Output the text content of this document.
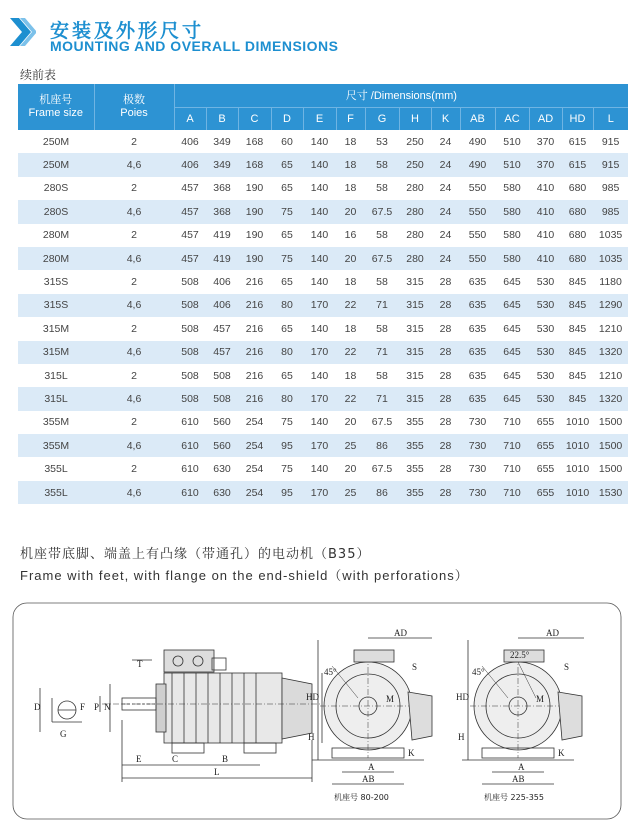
安装及外形尺寸
MOUNTING AND OVERALL DIMENSIONS
续前表
机座号
Frame size	极数
Poies	尺寸 /Dimensions(mm)													
		A	B	C	D	E	F	G	H	K	AB	AC	AD	HD	L
250M	2	406	349	168	60	140	18	53	250	24	490	510	370	615	915
250M	4,6	406	349	168	65	140	18	58	250	24	490	510	370	615	915
280S	2	457	368	190	65	140	18	58	280	24	550	580	410	680	985
280S	4,6	457	368	190	75	140	20	67.5	280	24	550	580	410	680	985
280M	2	457	419	190	65	140	16	58	280	24	550	580	410	680	1035
280M	4,6	457	419	190	75	140	20	67.5	280	24	550	580	410	680	1035
315S	2	508	406	216	65	140	18	58	315	28	635	645	530	845	1180
315S	4,6	508	406	216	80	170	22	71	315	28	635	645	530	845	1290
315M	2	508	457	216	65	140	18	58	315	28	635	645	530	845	1210
315M	4,6	508	457	216	80	170	22	71	315	28	635	645	530	845	1320
315L	2	508	508	216	65	140	18	58	315	28	635	645	530	845	1210
315L	4,6	508	508	216	80	170	22	71	315	28	635	645	530	845	1320
355M	2	610	560	254	75	140	20	67.5	355	28	730	710	655	1010	1500
355M	4,6	610	560	254	95	170	25	86	355	28	730	710	655	1010	1500
355L	2	610	630	254	75	140	20	67.5	355	28	730	710	655	1010	1500
355L	4,6	610	630	254	95	170	25	86	355	28	730	710	655	1010	1530
机座带底脚、端盖上有凸缘（带通孔）的电动机（B35）
Frame with feet, with flange on the end-shield（with perforations）
T
D
G
F P N
E	C	B
L
AD
45°	S
M
HD
H
A
AB
K
机座号 80-200
AD
45°
22.5°
S
M
HD
H
A
AB
K
机座号 225-355
